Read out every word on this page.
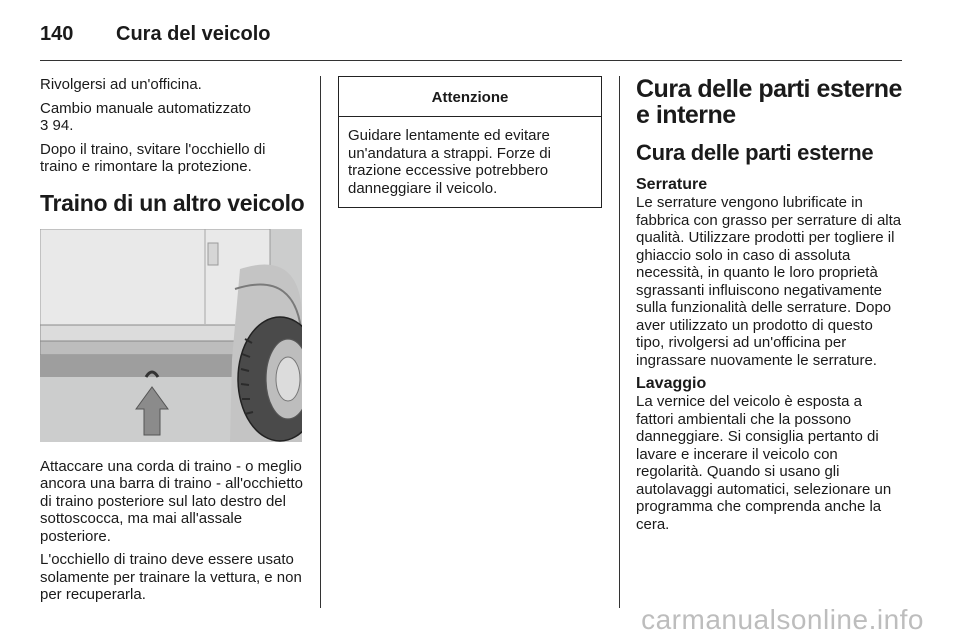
140	Cura del veicolo

Rivolgersi ad un'officina.

Cambio manuale automatizzato
3 94.

Dopo il traino, svitare l'occhiello di traino e rimontare la protezione.

Traino di un altro veicolo

Attaccare una corda di traino - o meglio ancora una barra di traino - all'occhietto di traino posteriore sul lato destro del sottoscocca, ma mai all'assale posteriore.

L'occhiello di traino deve essere usato solamente per trainare la vettura, e non per recuperarla.

Attenzione
Guidare lentamente ed evitare un'andatura a strappi. Forze di trazione eccessive potrebbero danneggiare il veicolo.
Cura delle parti esterne e interne
Cura delle parti esterne
Serrature

Le serrature vengono lubrificate in fabbrica con grasso per serrature di alta qualità. Utilizzare prodotti per togliere il ghiaccio solo in caso di assoluta necessità, in quanto le loro proprietà sgrassanti influiscono negativamente sulla funzionalità delle serrature. Dopo aver utilizzato un prodotto di questo tipo, rivolgersi ad un'officina per ingrassare nuovamente le serrature.

Lavaggio

La vernice del veicolo è esposta a fattori ambientali che la possono danneggiare. Si consiglia pertanto di lavare e incerare il veicolo con regolarità. Quando si usano gli autolavaggi automatici, selezionare un programma che comprenda anche la cera.

carmanualsonline.info
